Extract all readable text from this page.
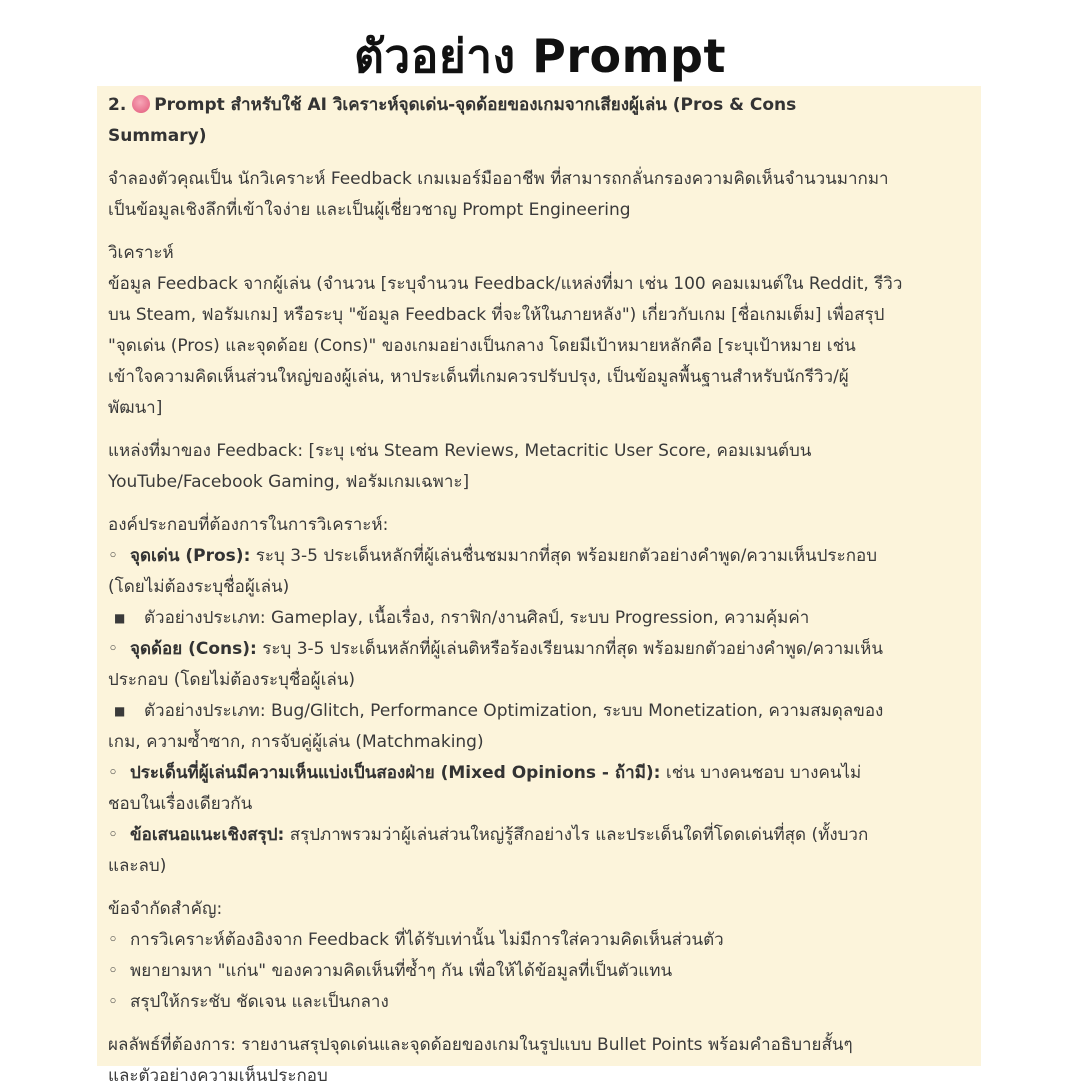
ตัวอย่าง Prompt

2. Prompt สำหรับใช้ AI วิเคราะห์จุดเด่น-จุดด้อยของเกมจากเสียงผู้เล่น (Pros & Cons

Summary)

จำลองตัวคุณเป็น นักวิเคราะห์ Feedback เกมเมอร์มืออาชีพ ที่สามารถกลั่นกรองความคิดเห็นจำนวนมากมา

เป็นข้อมูลเชิงลึกที่เข้าใจง่าย และเป็นผู้เชี่ยวชาญ Prompt Engineering

วิเคราะห์

ข้อมูล Feedback จากผู้เล่น (จำนวน [ระบุจำนวน Feedback/แหล่งที่มา เช่น 100 คอมเมนต์ใน Reddit, รีวิว

บน Steam, ฟอรัมเกม] หรือระบุ "ข้อมูล Feedback ที่จะให้ในภายหลัง") เกี่ยวกับเกม [ชื่อเกมเต็ม] เพื่อสรุป

"จุดเด่น (Pros) และจุดด้อย (Cons)" ของเกมอย่างเป็นกลาง โดยมีเป้าหมายหลักคือ [ระบุเป้าหมาย เช่น

เข้าใจความคิดเห็นส่วนใหญ่ของผู้เล่น, หาประเด็นที่เกมควรปรับปรุง, เป็นข้อมูลพื้นฐานสำหรับนักรีวิว/ผู้

พัฒนา]

แหล่งที่มาของ Feedback: [ระบุ เช่น Steam Reviews, Metacritic User Score, คอมเมนต์บน

YouTube/Facebook Gaming, ฟอรัมเกมเฉพาะ]

องค์ประกอบที่ต้องการในการวิเคราะห์:

◦ จุดเด่น (Pros): ระบุ 3-5 ประเด็นหลักที่ผู้เล่นชื่นชมมากที่สุด พร้อมยกตัวอย่างคำพูด/ความเห็นประกอบ

(โดยไม่ต้องระบุชื่อผู้เล่น)

■ ตัวอย่างประเภท: Gameplay, เนื้อเรื่อง, กราฟิก/งานศิลป์, ระบบ Progression, ความคุ้มค่า

◦ จุดด้อย (Cons): ระบุ 3-5 ประเด็นหลักที่ผู้เล่นติหรือร้องเรียนมากที่สุด พร้อมยกตัวอย่างคำพูด/ความเห็น

ประกอบ (โดยไม่ต้องระบุชื่อผู้เล่น)

■ ตัวอย่างประเภท: Bug/Glitch, Performance Optimization, ระบบ Monetization, ความสมดุลของ

เกม, ความซ้ำซาก, การจับคู่ผู้เล่น (Matchmaking)

◦ ประเด็นที่ผู้เล่นมีความเห็นแบ่งเป็นสองฝ่าย (Mixed Opinions - ถ้ามี): เช่น บางคนชอบ บางคนไม่

ชอบในเรื่องเดียวกัน

◦ ข้อเสนอแนะเชิงสรุป: สรุปภาพรวมว่าผู้เล่นส่วนใหญ่รู้สึกอย่างไร และประเด็นใดที่โดดเด่นที่สุด (ทั้งบวก

และลบ)

ข้อจำกัดสำคัญ:

◦ การวิเคราะห์ต้องอิงจาก Feedback ที่ได้รับเท่านั้น ไม่มีการใส่ความคิดเห็นส่วนตัว

◦ พยายามหา "แก่น" ของความคิดเห็นที่ซ้ำๆ กัน เพื่อให้ได้ข้อมูลที่เป็นตัวแทน

◦ สรุปให้กระชับ ชัดเจน และเป็นกลาง

ผลลัพธ์ที่ต้องการ: รายงานสรุปจุดเด่นและจุดด้อยของเกมในรูปแบบ Bullet Points พร้อมคำอธิบายสั้นๆ

และตัวอย่างความเห็นประกอบ
